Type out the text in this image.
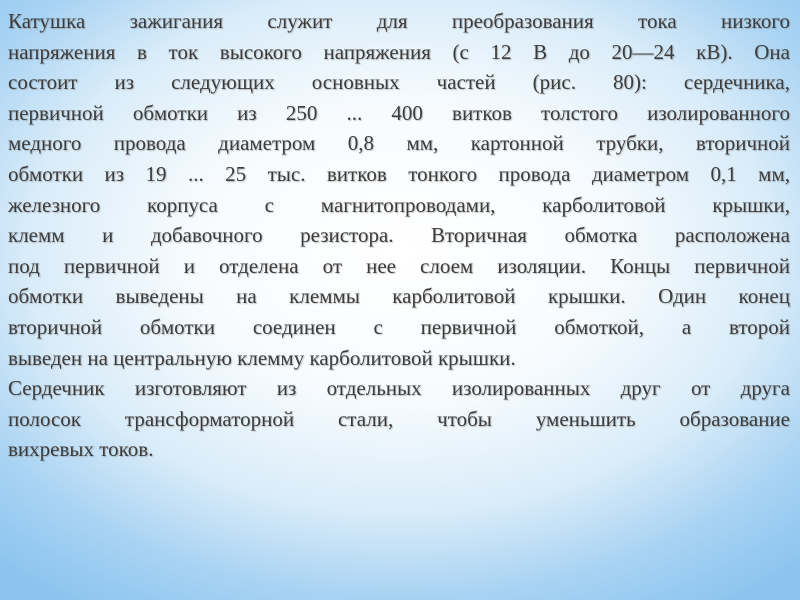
Катушка зажигания служит для преобразования тока низкого
напряжения в ток высокого напряжения (с 12 В до 20—24 кВ). Она
состоит из следующих основных частей (рис. 80): сердечника,
первичной обмотки из 250 ... 400 витков толстого изолированного
медного провода диаметром 0,8 мм, картонной трубки, вторичной
обмотки из 19 ... 25 тыс. витков тонкого провода диаметром 0,1 мм,
железного корпуса с магнитопроводами, карболитовой крышки,
клемм и добавочного резистора. Вторичная обмотка расположена
под первичной и отделена от нее слоем изоляции. Концы первичной
обмотки выведены на клеммы карболитовой крышки. Один конец
вторичной обмотки соединен с первичной обмоткой, а второй
выведен на центральную клемму карболитовой крышки.

Сердечник изготовляют из отдельных изолированных друг от друга
полосок трансформаторной стали, чтобы уменьшить образование
вихревых токов.
